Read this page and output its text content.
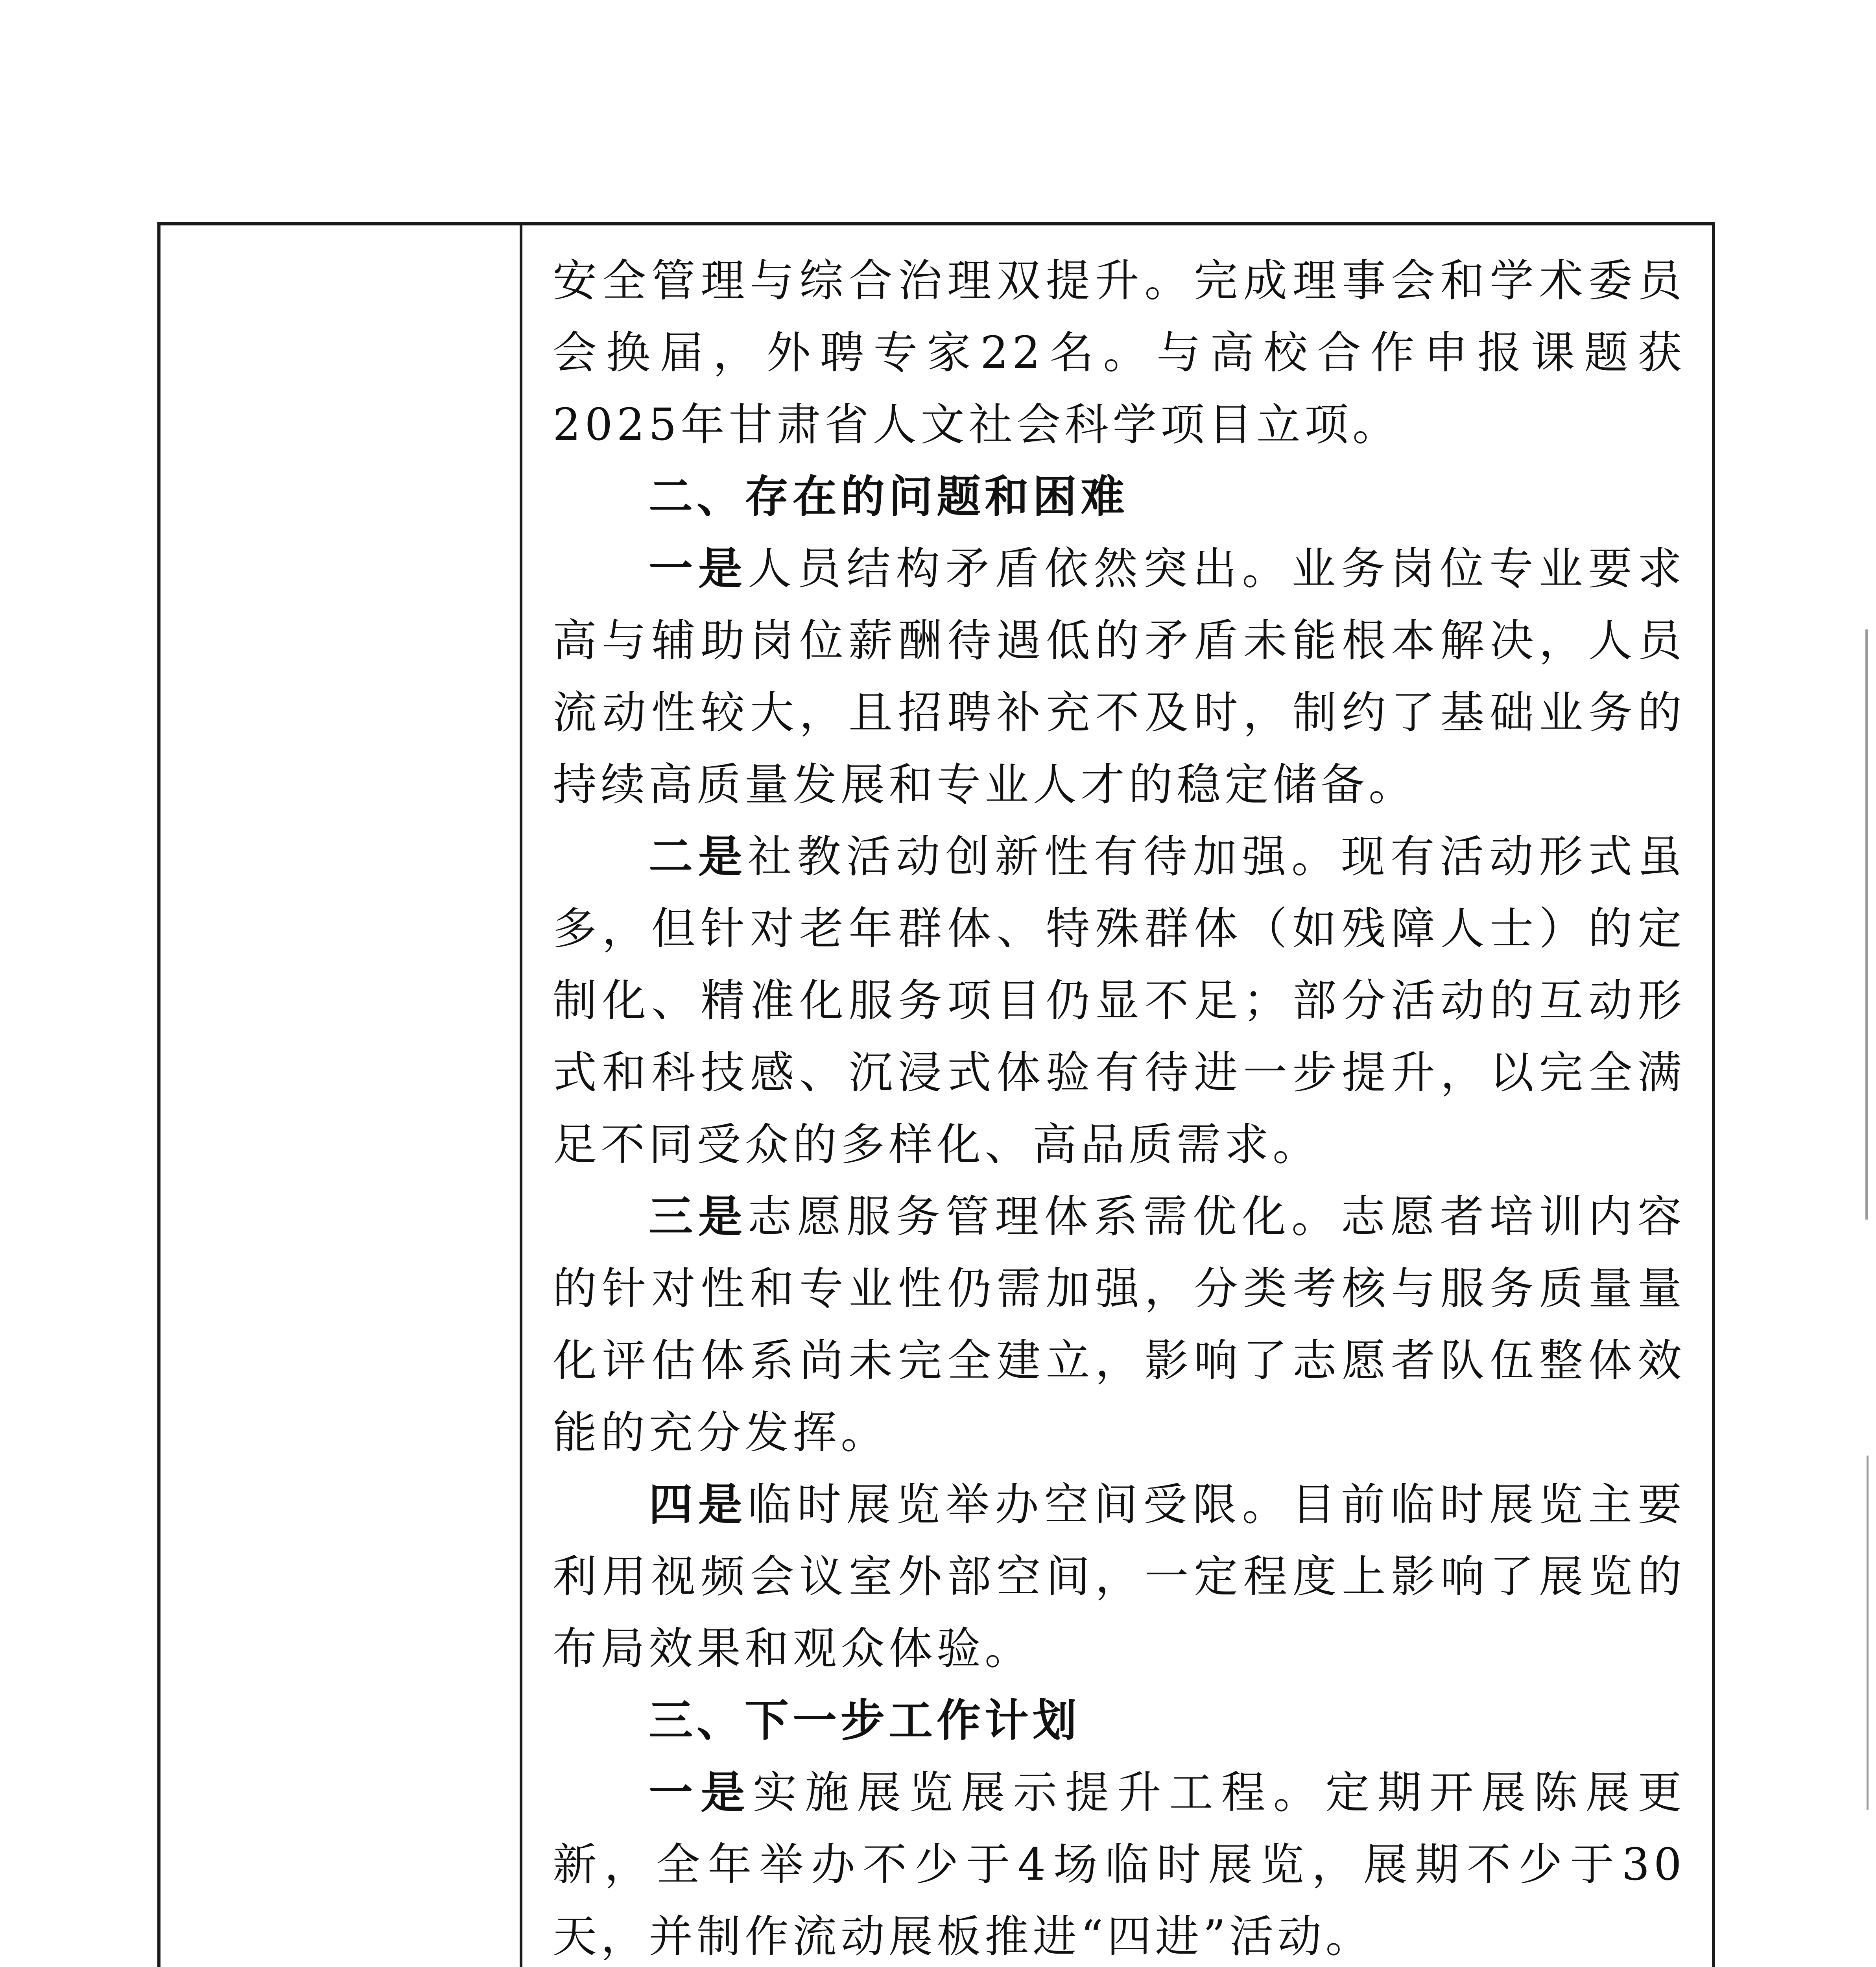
安全管理与综合治理双提升。完成理事会和学术委员会换届，外聘专家22名。与高校合作申报课题获2025年甘肃省人文社会科学项目立项。

二、存在的问题和困难

一是人员结构矛盾依然突出。业务岗位专业要求高与辅助岗位薪酬待遇低的矛盾未能根本解决，人员流动性较大，且招聘补充不及时，制约了基础业务的持续高质量发展和专业人才的稳定储备。

二是社教活动创新性有待加强。现有活动形式虽多，但针对老年群体、特殊群体（如残障人士）的定制化、精准化服务项目仍显不足；部分活动的互动形式和科技感、沉浸式体验有待进一步提升，以完全满足不同受众的多样化、高品质需求。

三是志愿服务管理体系需优化。志愿者培训内容的针对性和专业性仍需加强，分类考核与服务质量量化评估体系尚未完全建立，影响了志愿者队伍整体效能的充分发挥。

四是临时展览举办空间受限。目前临时展览主要利用视频会议室外部空间，一定程度上影响了展览的布局效果和观众体验。

三、下一步工作计划

一是实施展览展示提升工程。定期开展陈展更新，全年举办不少于4场临时展览，展期不少于30天，并制作流动展板推进“四进”活动。
